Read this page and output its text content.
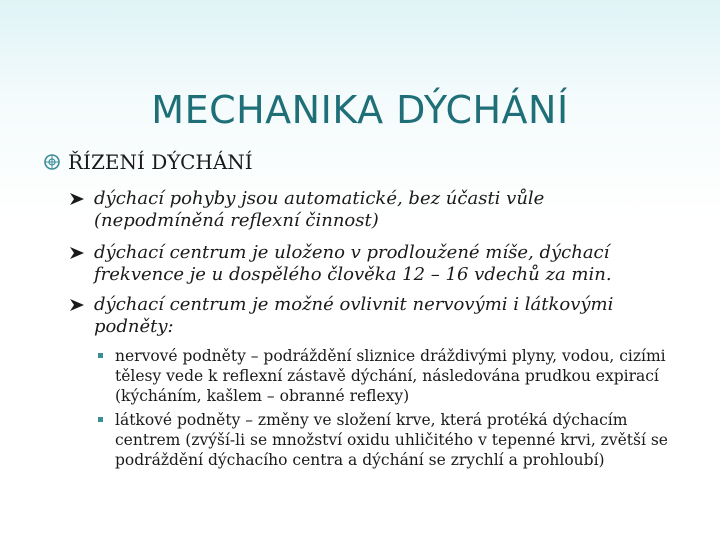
MECHANIKA DÝCHÁNÍ
ŘÍZENÍ DÝCHÁNÍ
dýchací pohyby jsou automatické, bez účasti vůle (nepodmíněná reflexní činnost)
dýchací centrum je uloženo v prodloužené míše, dýchací frekvence je u dospělého člověka 12 – 16 vdechů za min.
dýchací centrum je možné ovlivnit nervovými i látkovými podněty:
nervové podněty – podráždění sliznice dráždivými plyny, vodou, cizími tělesy vede k reflexní zástavě dýchání, následována prudkou expirací (kýcháním, kašlem – obranné reflexy)
látkové podněty – změny ve složení krve, která protéká dýchacím centrem (zvýší-li se množství oxidu uhličitého v tepenné krvi, zvětší se podráždění dýchacího centra a dýchání se zrychlí a prohloubí)
